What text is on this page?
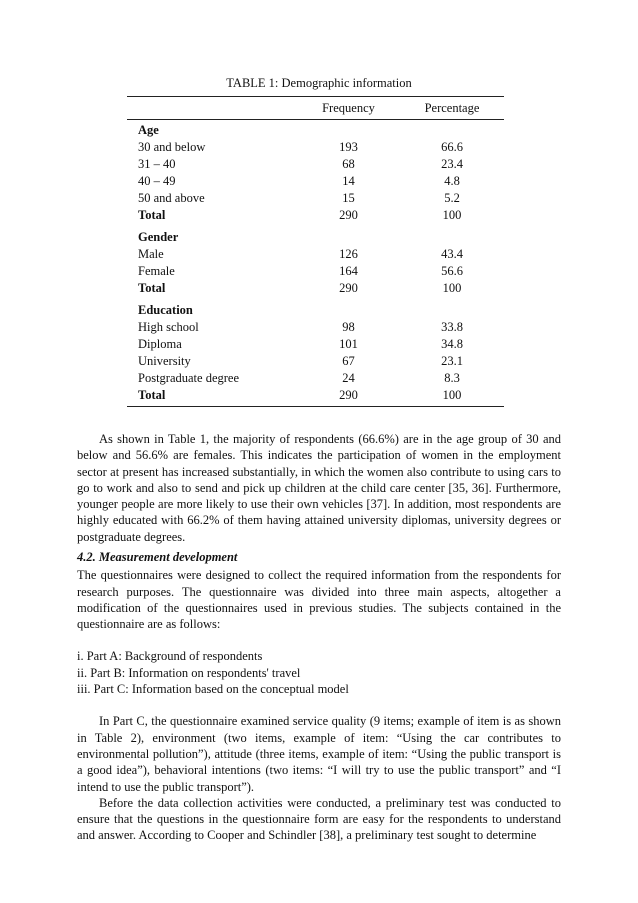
TABLE 1: Demographic information
	Frequency	Percentage
Age		
30 and below	193	66.6
31 – 40	68	23.4
40 – 49	14	4.8
50 and above	15	5.2
Total	290	100
Gender		
Male	126	43.4
Female	164	56.6
Total	290	100
Education		
High school	98	33.8
Diploma	101	34.8
University	67	23.1
Postgraduate degree	24	8.3
Total	290	100

As shown in Table 1, the majority of respondents (66.6%) are in the age group of 30 and below and 56.6% are females. This indicates the participation of women in the employment sector at present has increased substantially, in which the women also contribute to using cars to go to work and also to send and pick up children at the child care center [35, 36]. Furthermore, younger people are more likely to use their own vehicles [37]. In addition, most respondents are highly educated with 66.2% of them having attained university diplomas, university degrees or postgraduate degrees.

4.2. Measurement development

The questionnaires were designed to collect the required information from the respondents for research purposes. The questionnaire was divided into three main aspects, altogether a modification of the questionnaires used in previous studies. The subjects contained in the questionnaire are as follows:

i. Part A: Background of respondents

ii. Part B: Information on respondents' travel

iii. Part C: Information based on the conceptual model

In Part C, the questionnaire examined service quality (9 items; example of item is as shown in Table 2), environment (two items, example of item: “Using the car contributes to environmental pollution”), attitude (three items, example of item: “Using the public transport is a good idea”), behavioral intentions (two items: “I will try to use the public transport” and “I intend to use the public transport”).

Before the data collection activities were conducted, a preliminary test was conducted to ensure that the questions in the questionnaire form are easy for the respondents to understand and answer. According to Cooper and Schindler [38], a preliminary test sought to determine
